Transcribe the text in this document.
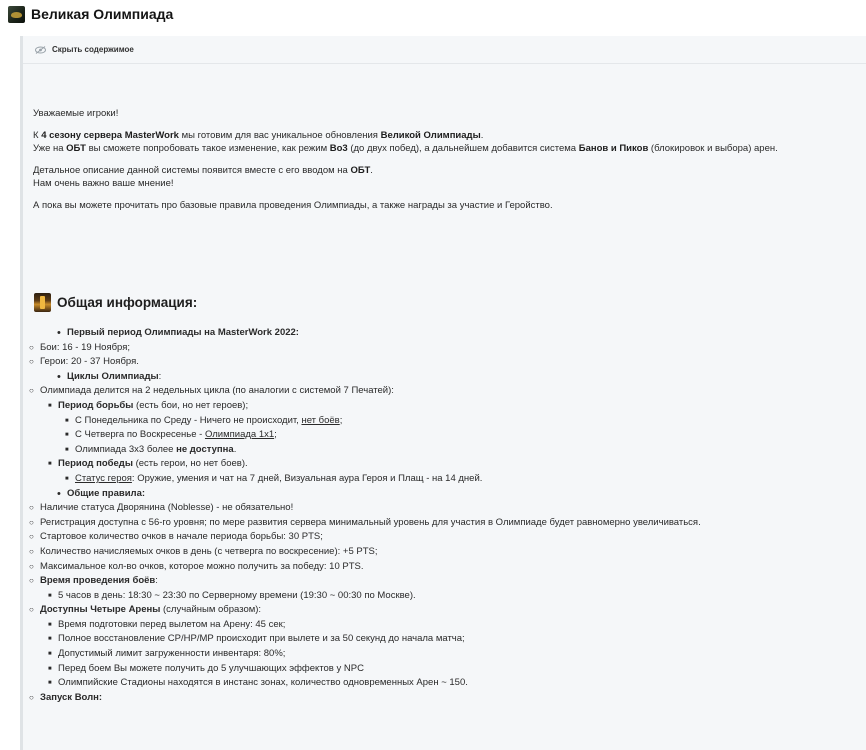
Великая Олимпиада
Скрыть содержимое

Уважаемые игроки!

К 4 сезону сервера MasterWork мы готовим для вас уникальное обновления Великой Олимпиады.
Уже на ОБТ вы сможете попробовать такое изменение, как режим Bo3 (до двух побед), а дальнейшем добавится система Банов и Пиков (блокировок и выбора) арен.

Детальное описание данной системы появится вместе с его вводом на ОБТ.
Нам очень важно ваше мнение!

А пока вы можете прочитать про базовые правила проведения Олимпиады, а также награды за участие и Геройство.

Общая информация:
• Первый период Олимпиады на MasterWork 2022:
○ Бои: 16 - 19 Ноября;
○ Герои: 20 - 37 Ноября.
• Циклы Олимпиады:
○ Олимпиада делится на 2 недельных цикла (по аналогии с системой 7 Печатей):
■ Период борьбы (есть бои, но нет героев);
■ С Понедельника по Среду - Ничего не происходит, нет боёв;
■ С Четверга по Воскресенье - Олимпиада 1x1;
■ Олимпиада 3x3 более не доступна.
■ Период победы (есть герои, но нет боев).
■ Статус героя: Оружие, умения и чат на 7 дней, Визуальная аура Героя и Плащ - на 14 дней.
• Общие правила:
○ Наличие статуса Дворянина (Noblesse) - не обязательно!
○ Регистрация доступна с 56-го уровня; по мере развития сервера минимальный уровень для участия в Олимпиаде будет равномерно увеличиваться.
○ Стартовое количество очков в начале периода борьбы: 30 PTS;
○ Количество начисляемых очков в день (с четверга по воскресение): +5 PTS;
○ Максимальное кол-во очков, которое можно получить за победу: 10 PTS.
○ Время проведения боёв:
■ 5 часов в день: 18:30 ~ 23:30 по Серверному времени (19:30 ~ 00:30 по Москве).
○ Доступны Четыре Арены (случайным образом):
■ Время подготовки перед вылетом на Арену: 45 сек;
■ Полное восстановление CP/HP/MP происходит при вылете и за 50 секунд до начала матча;
■ Допустимый лимит загруженности инвентаря: 80%;
■ Перед боем Вы можете получить до 5 улучшающих эффектов у NPC
■ Олимпийские Стадионы находятся в инстанс зонах, количество одновременных Арен ~ 150.
○ Запуск Волн:
